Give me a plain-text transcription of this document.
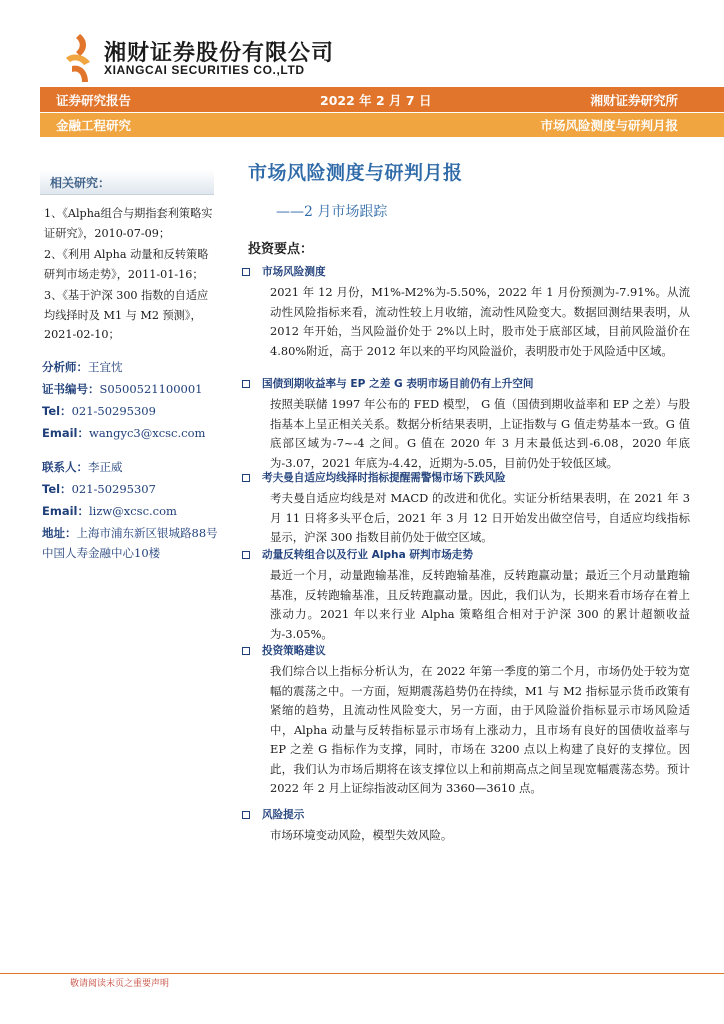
湘财证券股份有限公司
XIANGCAI SECURITIES CO.,LTD
证券研究报告	2022 年 2 月 7 日	湘财证券研究所
金融工程研究	市场风险测度与研判月报
相关研究：

1、《Alpha组合与期指套利策略实证研究》，2010-07-09；

2、《利用 Alpha 动量和反转策略研判市场走势》，2011-01-16；

3、《基于沪深 300 指数的自适应均线择时及 M1 与 M2 预测》，2021-02-10；

分析师：王宜忱
证书编号：S0500521100001
Tel：021-50295309
Email：wangyc3@xcsc.com
联系人：李正威
Tel：021-50295307
Email：lizw@xcsc.com
地址：上海市浦东新区银城路88号
中国人寿金融中心10楼
市场风险测度与研判月报
——2 月市场跟踪
投资要点：
市场风险测度
2021 年 12 月份，M1%-M2%为-5.50%，2022 年 1 月份预测为-7.91%。从流动性风险指标来看，流动性较上月收缩，流动性风险变大。数据回测结果表明，从 2012 年开始，当风险溢价处于 2%以上时，股市处于底部区域，目前风险溢价在 4.80%附近，高于 2012 年以来的平均风险溢价，表明股市处于风险适中区域。
国债到期收益率与 EP 之差 G 表明市场目前仍有上升空间
按照美联储 1997 年公布的 FED 模型， G 值（国债到期收益率和 EP 之差）与股指基本上呈正相关关系。数据分析结果表明，上证指数与 G 值走势基本一致。G 值底部区域为-7~-4 之间。G 值在 2020 年 3 月末最低达到-6.08，2020 年底为-3.07，2021 年底为-4.42，近期为-5.05，目前仍处于较低区域。
考夫曼自适应均线择时指标提醒需警惕市场下跌风险
考夫曼自适应均线是对 MACD 的改进和优化。实证分析结果表明，在 2021 年 3 月 11 日将多头平仓后，2021 年 3 月 12 日开始发出做空信号，自适应均线指标显示，沪深 300 指数目前仍处于做空区域。
动量反转组合以及行业 Alpha 研判市场走势
最近一个月，动量跑输基准，反转跑输基准，反转跑赢动量；最近三个月动量跑输基准，反转跑输基准，且反转跑赢动量。因此，我们认为，长期来看市场存在着上涨动力。2021 年以来行业 Alpha 策略组合相对于沪深 300 的累计超额收益为-3.05%。
投资策略建议
我们综合以上指标分析认为，在 2022 年第一季度的第二个月，市场仍处于较为宽幅的震荡之中。一方面，短期震荡趋势仍在持续，M1 与 M2 指标显示货币政策有紧缩的趋势，且流动性风险变大，另一方面，由于风险溢价指标显示市场风险适中，Alpha 动量与反转指标显示市场有上涨动力，且市场有良好的国债收益率与 EP 之差 G 指标作为支撑，同时，市场在 3200 点以上构建了良好的支撑位。因此，我们认为市场后期将在该支撑位以上和前期高点之间呈现宽幅震荡态势。预计 2022 年 2 月上证综指波动区间为 3360—3610 点。
风险提示
市场环境变动风险，模型失效风险。
敬请阅读末页之重要声明
